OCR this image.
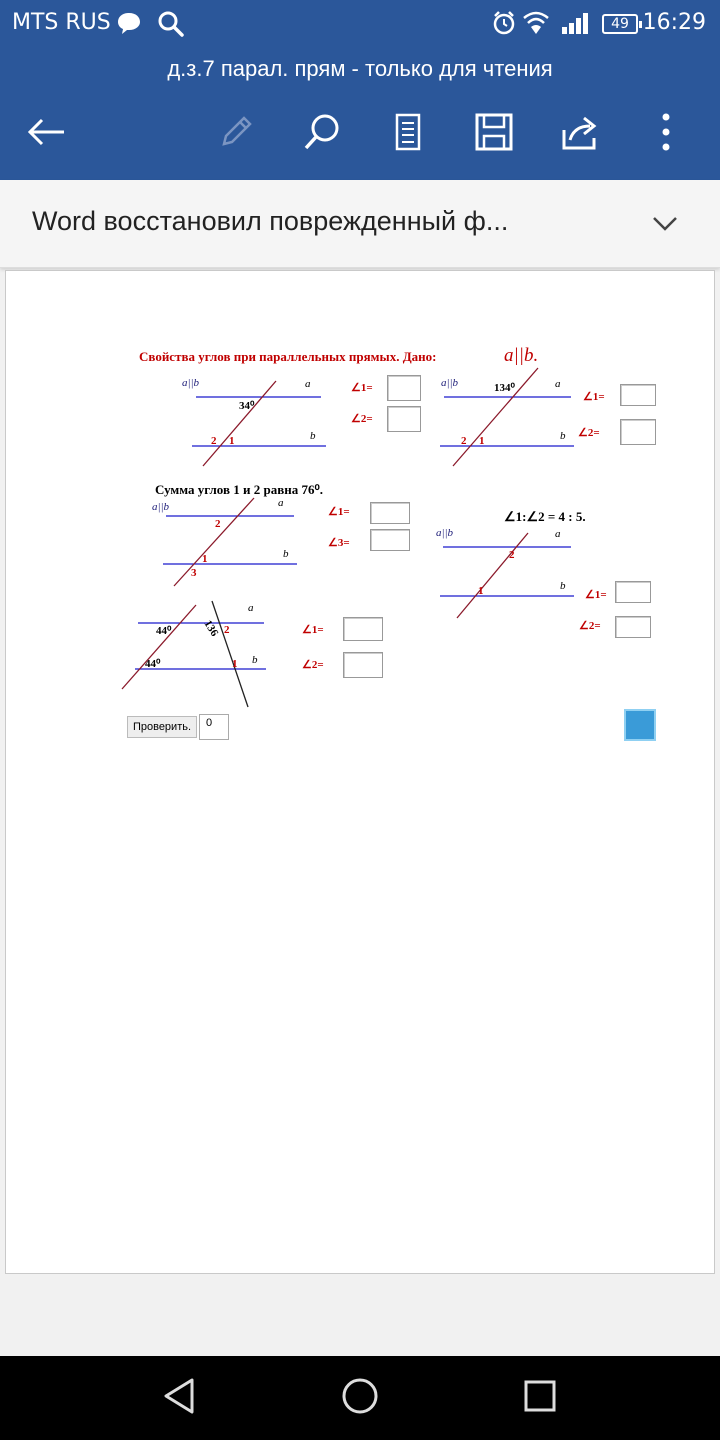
MTS RUS	49 16:29
д.з.7 парал. прям - только для чтения
Word восстановил поврежденный ф...
Свойства углов при параллельных прямых. Дано:	a||b.
a||b	a
b
34⁰
2 1
∠1=
∠2=
a||b	a
b
134⁰
2 1
∠1=
∠2=
Сумма углов 1 и 2 равна 76⁰.
a||b	a
b
2
1
3
∠1=
∠3=
∠1:∠2 = 4 : 5.
a||b	a
b
2
1	∠1=
∠2=
a
b
44⁰
44⁰
136 2
1
∠1=
∠2=
Проверить.	0
